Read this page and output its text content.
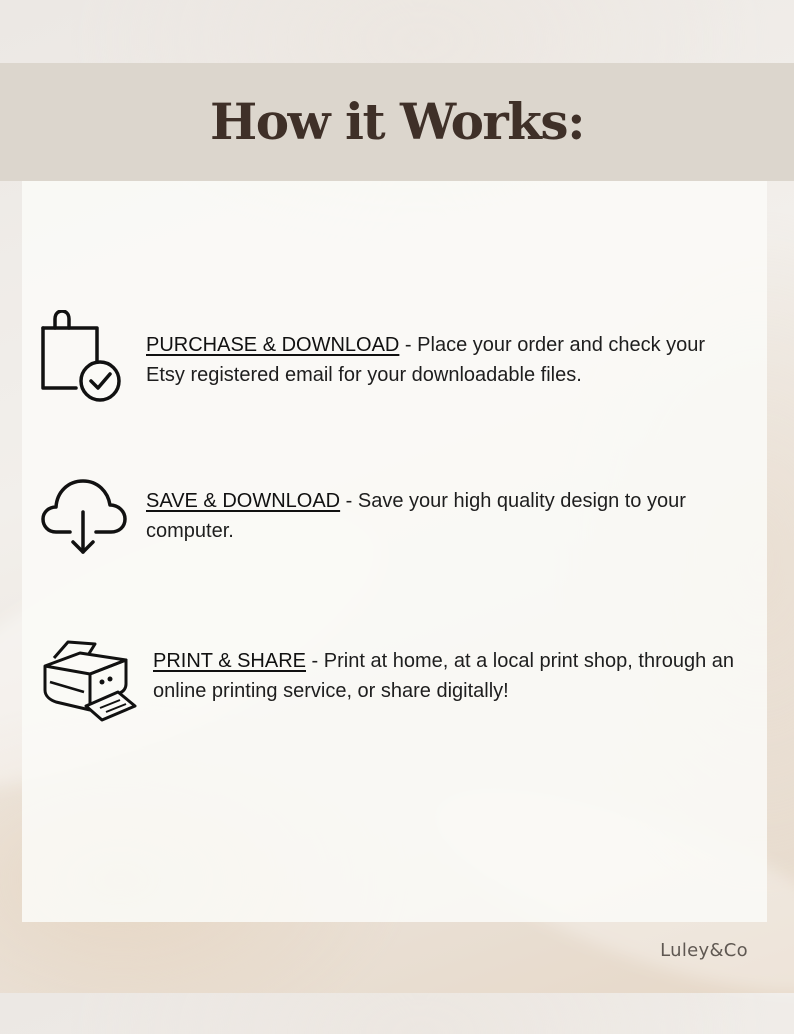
How it Works:

PURCHASE & DOWNLOAD - Place your order and check your Etsy registered email for your downloadable files.

SAVE & DOWNLOAD - Save your high quality design to your computer.

PRINT & SHARE - Print at home, at a local print shop, through an online printing service, or share digitally!

Luley&Co
